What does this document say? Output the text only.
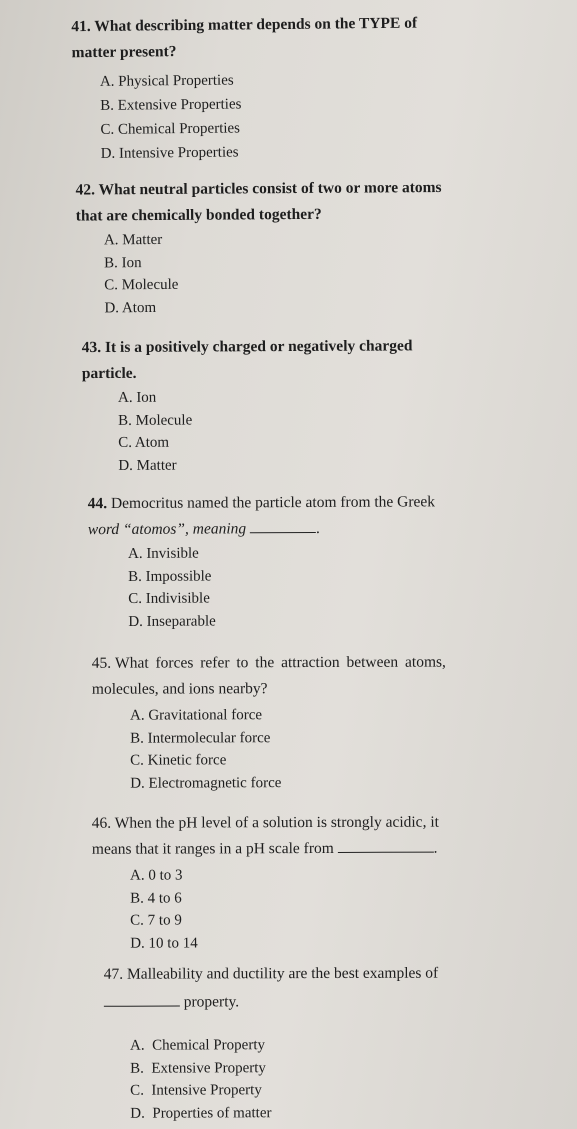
41. What describing matter depends on the TYPE of
matter present?

A. Physical Properties
B. Extensive Properties
C. Chemical Properties
D. Intensive Properties

42. What neutral particles consist of two or more atoms
that are chemically bonded together?

A. Matter
B. Ion
C. Molecule
D. Atom

43. It is a positively charged or negatively charged
particle.

A. Ion
B. Molecule
C. Atom
D. Matter

44. Democritus named the particle atom from the Greek
word “atomos”, meaning	.

A. Invisible
B. Impossible
C. Indivisible
D. Inseparable

45. What forces refer to the attraction between atoms,
molecules, and ions nearby?

A. Gravitational force
B. Intermolecular force
C. Kinetic force
D. Electromagnetic force

46. When the pH level of a solution is strongly acidic, it
means that it ranges in a pH scale from	.

A. 0 to 3
B. 4 to 6
C. 7 to 9
D. 10 to 14

47. Malleability and ductility are the best examples of
property.

A.  Chemical Property
B.  Extensive Property
C.  Intensive Property
D.  Properties of matter
